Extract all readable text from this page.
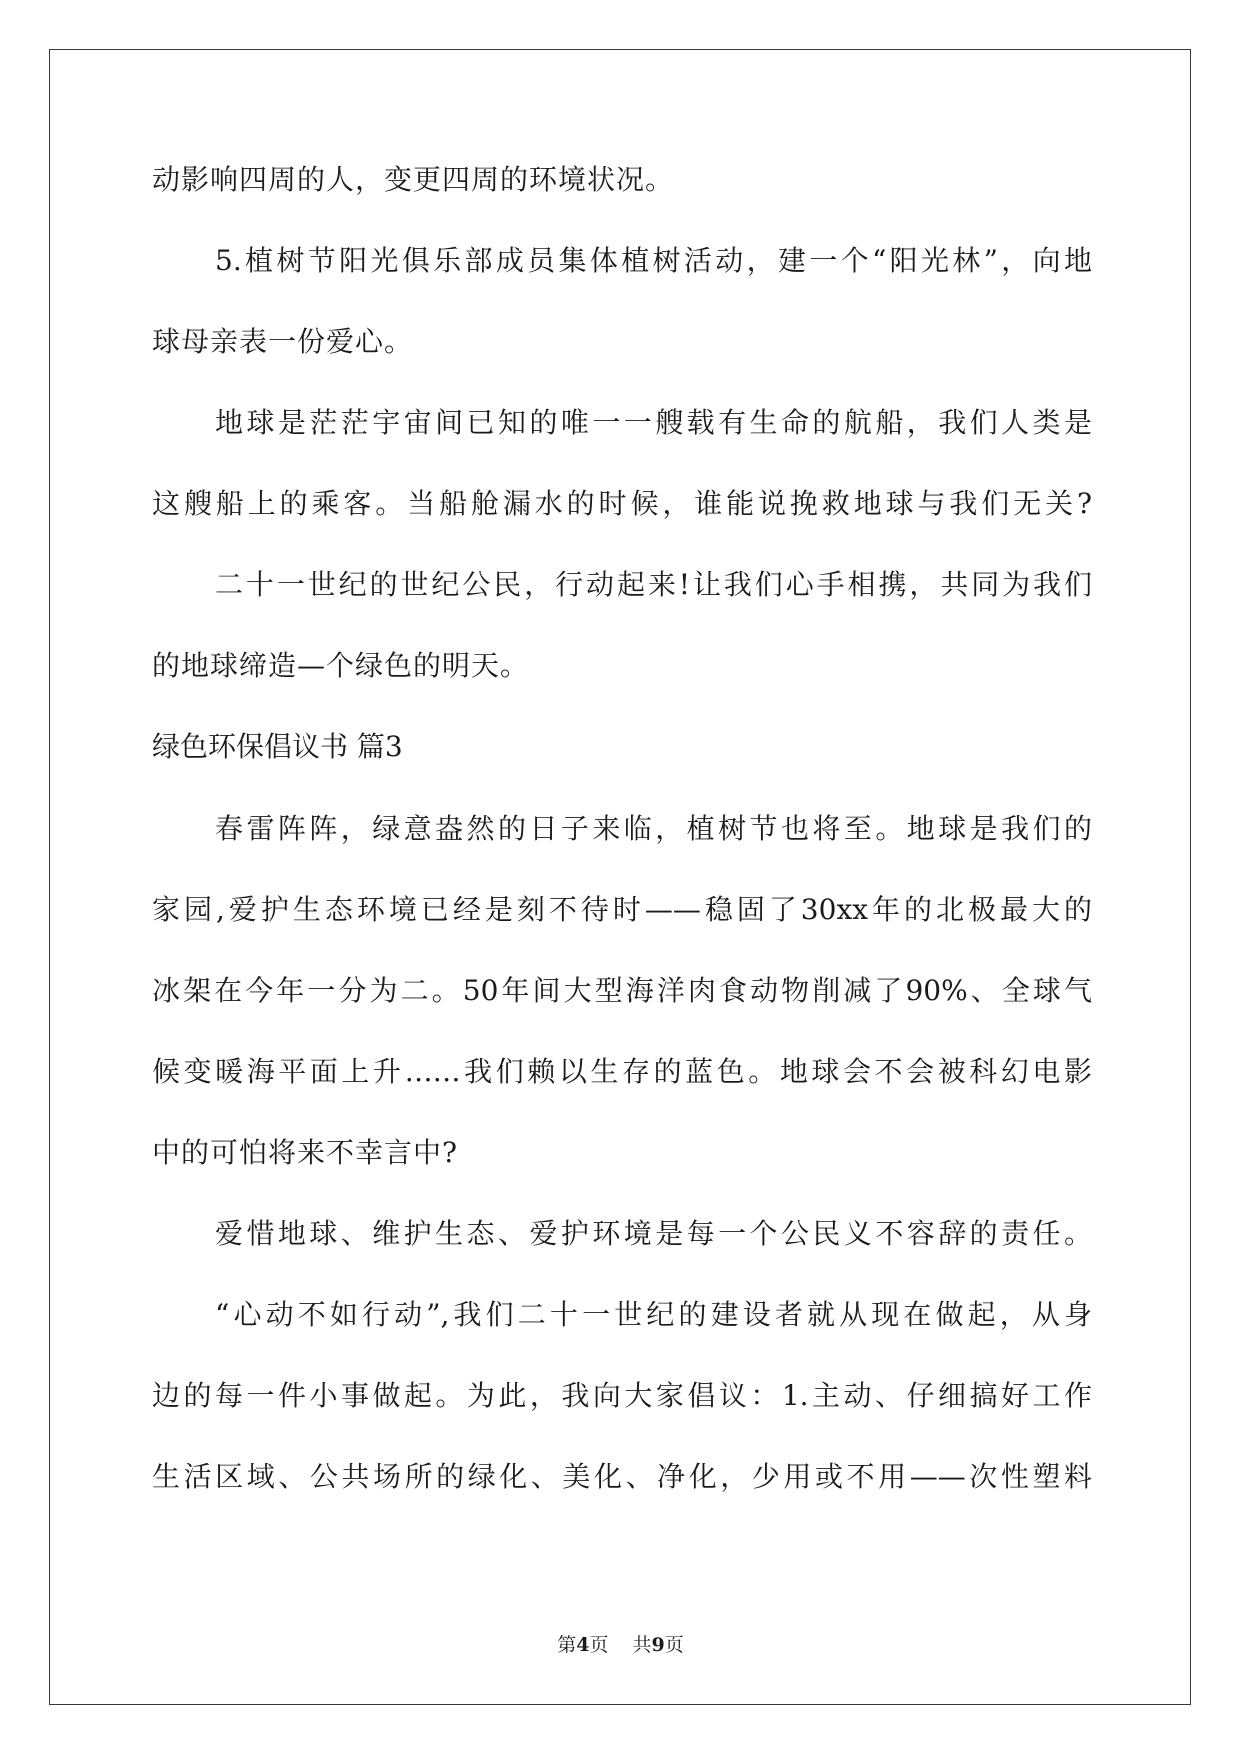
动影响四周的人，变更四周的环境状况。
5.植树节阳光俱乐部成员集体植树活动，建一个“阳光林”，向地
球母亲表一份爱心。
地球是茫茫宇宙间已知的唯一一艘载有生命的航船，我们人类是
这艘船上的乘客。当船舱漏水的时候，谁能说挽救地球与我们无关?
二十一世纪的世纪公民，行动起来!让我们心手相携，共同为我们
的地球缔造—个绿色的明天。
绿色环保倡议书 篇3
春雷阵阵，绿意盎然的日子来临，植树节也将至。地球是我们的
家园,爱护生态环境已经是刻不待时——稳固了30xx年的北极最大的
冰架在今年一分为二。50年间大型海洋肉食动物削减了90%、全球气
候变暖海平面上升……我们赖以生存的蓝色。地球会不会被科幻电影
中的可怕将来不幸言中?
爱惜地球、维护生态、爱护环境是每一个公民义不容辞的责任。
“心动不如行动”,我们二十一世纪的建设者就从现在做起，从身
边的每一件小事做起。为此，我向大家倡议：1.主动、仔细搞好工作
生活区域、公共场所的绿化、美化、净化，少用或不用——次性塑料
第4页 共9页
